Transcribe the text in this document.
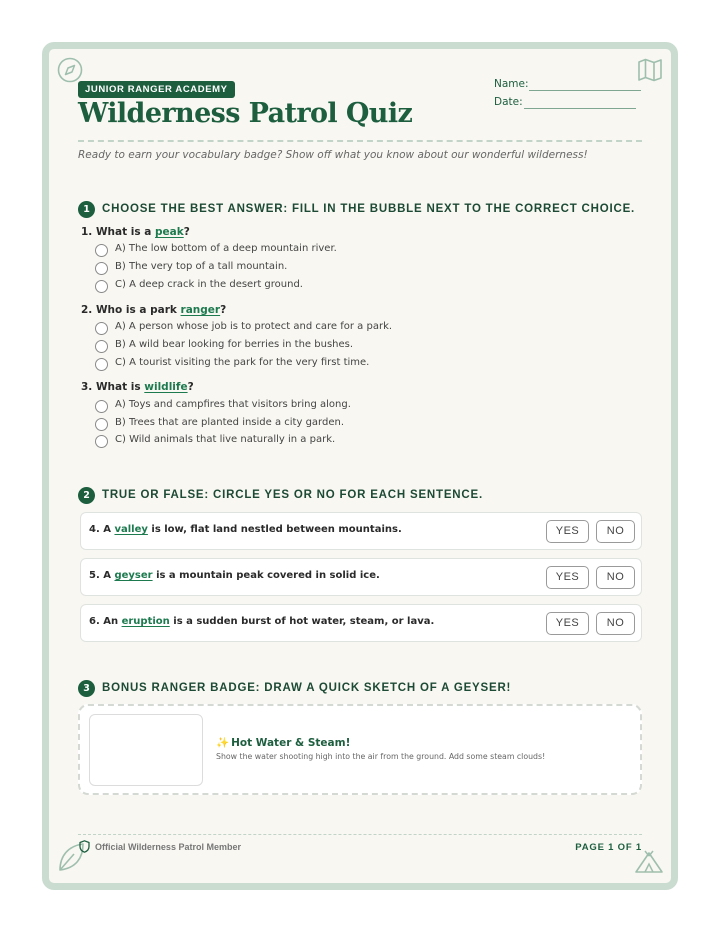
JUNIOR RANGER ACADEMY
Wilderness Patrol Quiz
Name:
Date:
Ready to earn your vocabulary badge? Show off what you know about our wonderful wilderness!
1	CHOOSE THE BEST ANSWER: FILL IN THE BUBBLE NEXT TO THE CORRECT CHOICE.
1. What is a peak?
A) The low bottom of a deep mountain river.
B) The very top of a tall mountain.
C) A deep crack in the desert ground.
2. Who is a park ranger?
A) A person whose job is to protect and care for a park.
B) A wild bear looking for berries in the bushes.
C) A tourist visiting the park for the very first time.
3. What is wildlife?
A) Toys and campfires that visitors bring along.
B) Trees that are planted inside a city garden.
C) Wild animals that live naturally in a park.
2	TRUE OR FALSE: CIRCLE YES OR NO FOR EACH SENTENCE.
4. A valley is low, flat land nestled between mountains.	YES	NO
5. A geyser is a mountain peak covered in solid ice.	YES	NO
6. An eruption is a sudden burst of hot water, steam, or lava.	YES	NO
3	BONUS RANGER BADGE: DRAW A QUICK SKETCH OF A GEYSER!
✨ Hot Water & Steam!
Show the water shooting high into the air from the ground. Add some steam clouds!
Official Wilderness Patrol Member	PAGE 1 OF 1
